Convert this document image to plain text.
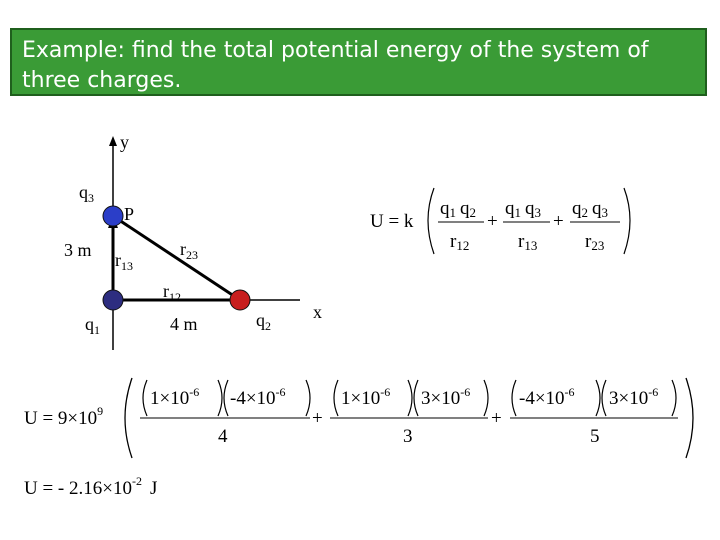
Example: find the total potential energy of the system of three charges.

y
$q_3$
P
3 m $r_{13}$
$r_{23}$
$r_{12}$
$q_1$	4 m	$q_2$
x
U = k
q1 q2
r12
+
q1 q3
r13
+
q2 q3
r23
$U = 9\times 10^9$
$1\times 10^{-6}$ $-4\times 10^{-6}$
4
+
$1\times 10^{-6}$ $3\times 10^{-6}$
3
+
$-4\times 10^{-6}$ $3\times 10^{-6}$
5
U = - $2.16\times 10^{-2}$ J
